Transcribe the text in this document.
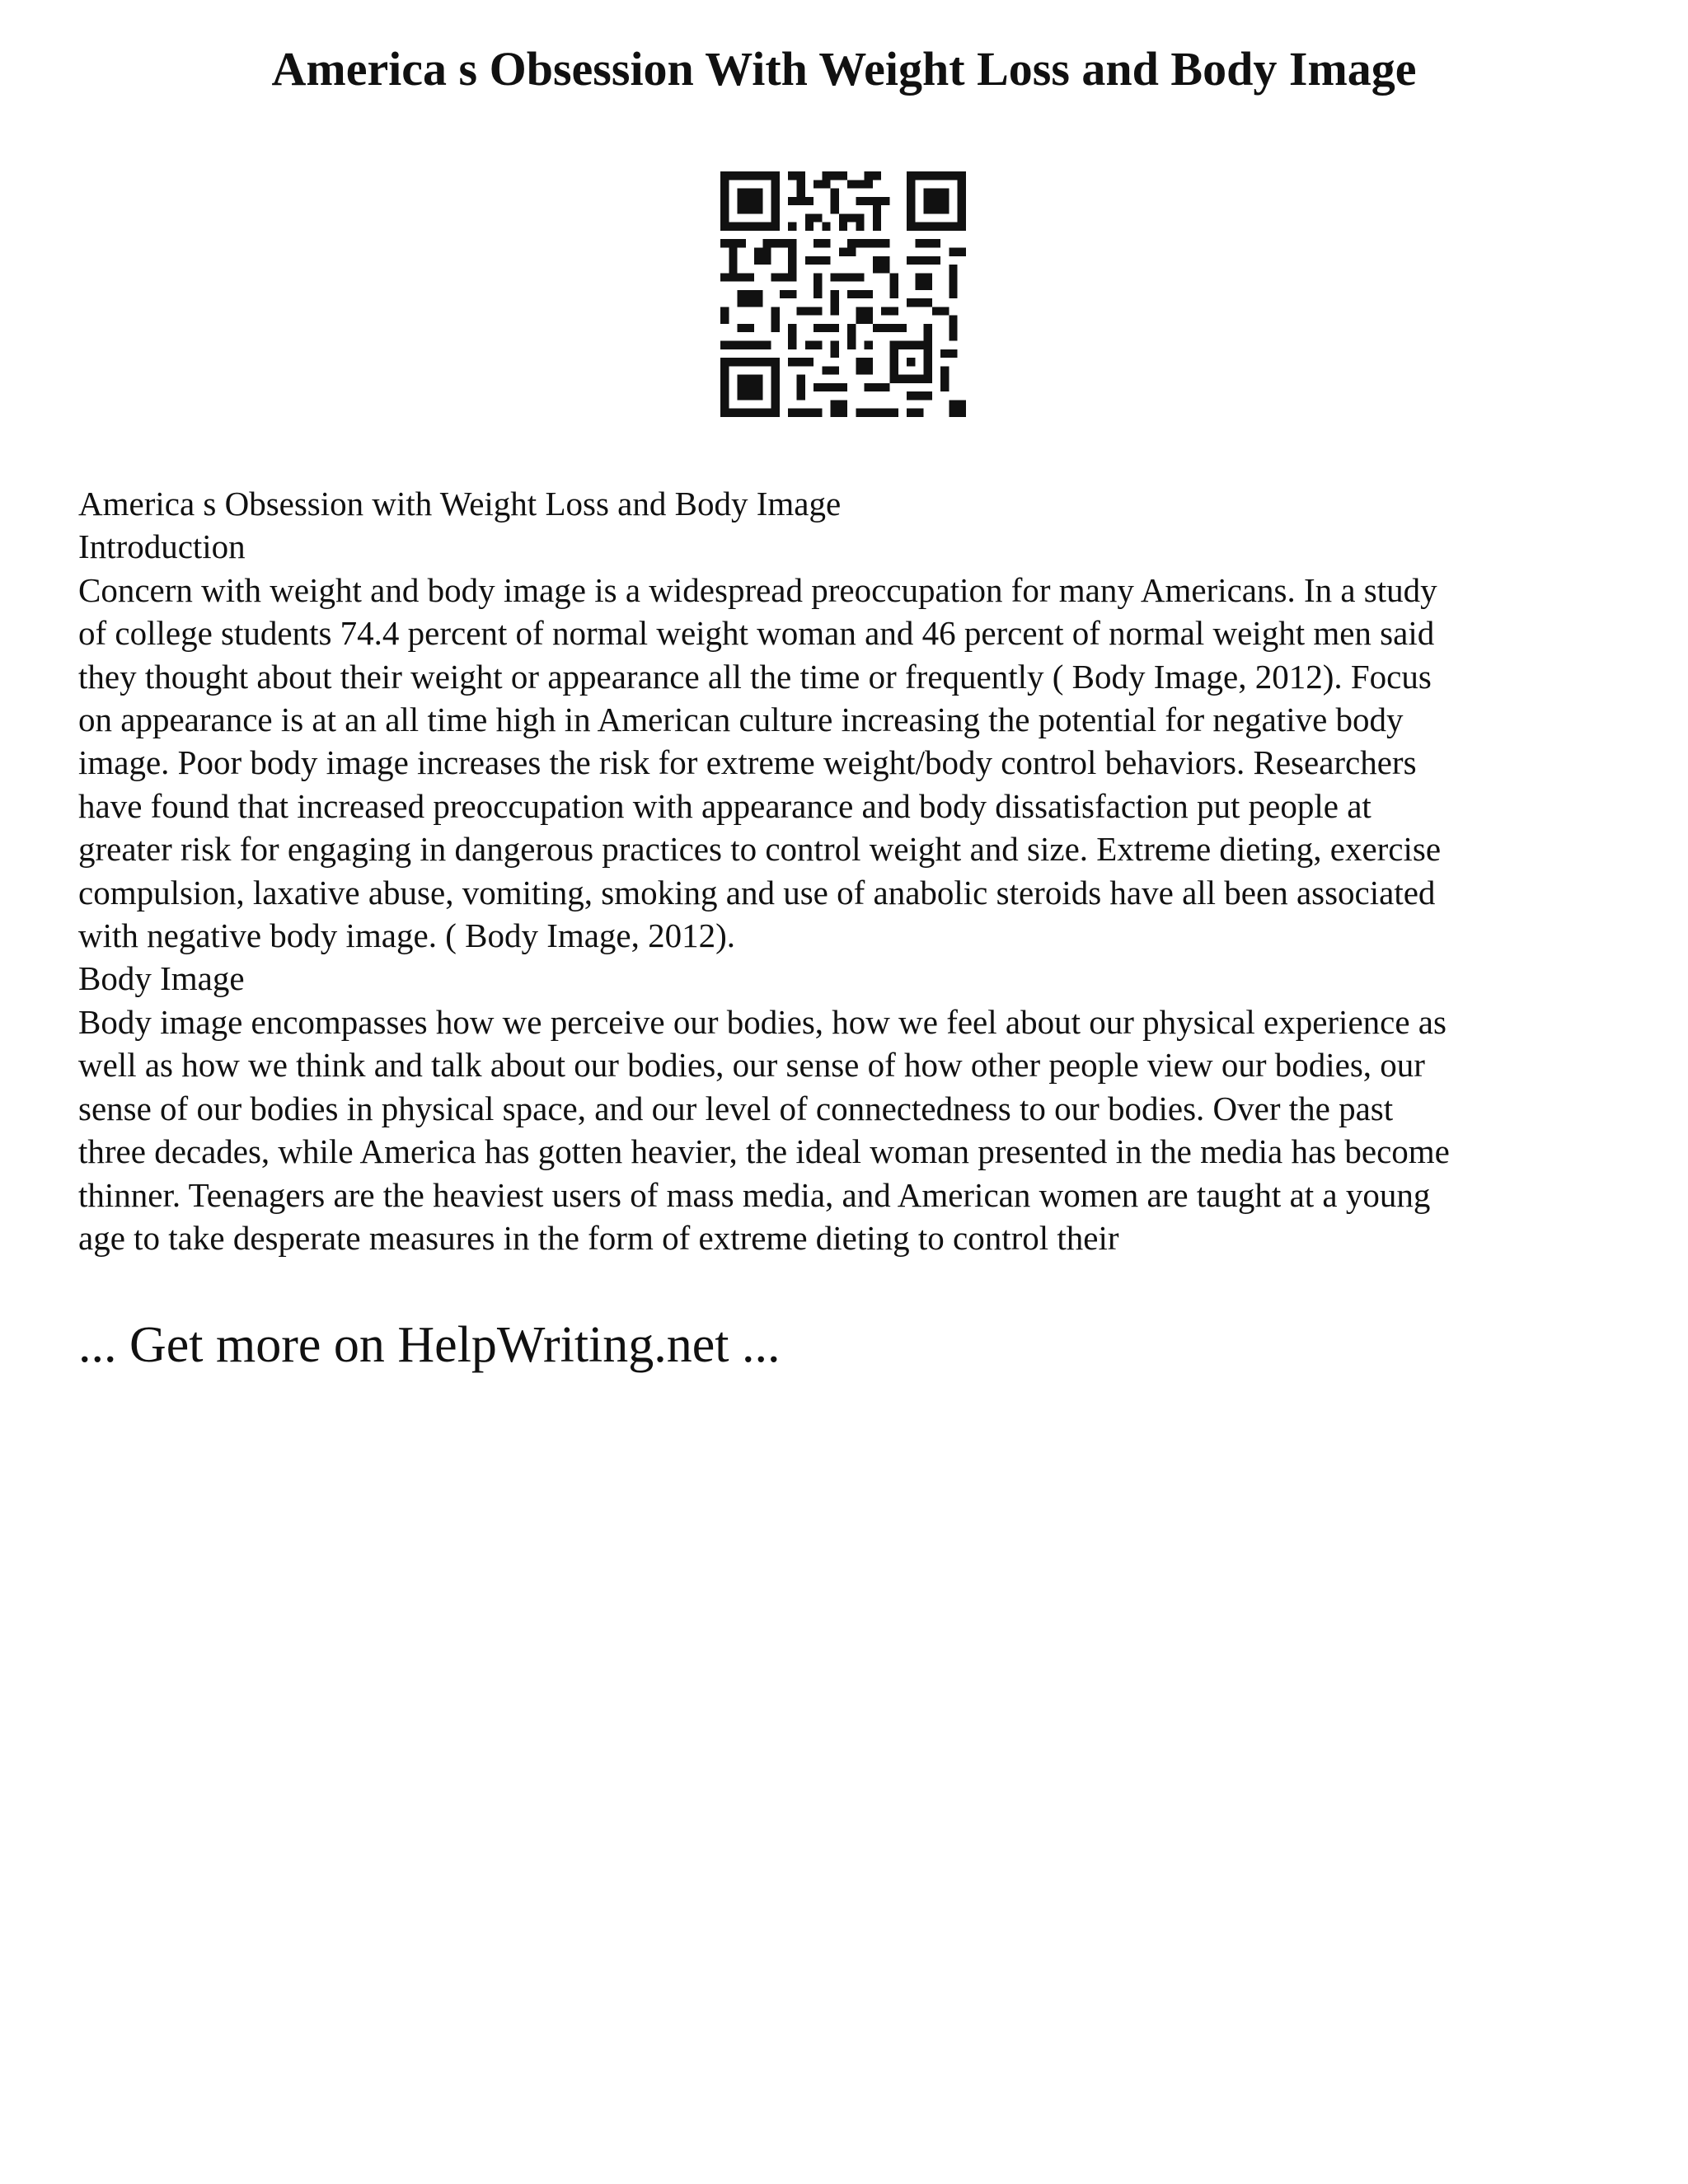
America s Obsession With Weight Loss and Body Image
America s Obsession with Weight Loss and Body Image
Introduction
Concern with weight and body image is a widespread preoccupation for many Americans. In a study
of college students 74.4 percent of normal weight woman and 46 percent of normal weight men said
they thought about their weight or appearance all the time or frequently ( Body Image, 2012). Focus
on appearance is at an all time high in American culture increasing the potential for negative body
image. Poor body image increases the risk for extreme weight/body control behaviors. Researchers
have found that increased preoccupation with appearance and body dissatisfaction put people at
greater risk for engaging in dangerous practices to control weight and size. Extreme dieting, exercise
compulsion, laxative abuse, vomiting, smoking and use of anabolic steroids have all been associated
with negative body image. ( Body Image, 2012).
Body Image
Body image encompasses how we perceive our bodies, how we feel about our physical experience as
well as how we think and talk about our bodies, our sense of how other people view our bodies, our
sense of our bodies in physical space, and our level of connectedness to our bodies. Over the past
three decades, while America has gotten heavier, the ideal woman presented in the media has become
thinner. Teenagers are the heaviest users of mass media, and American women are taught at a young
age to take desperate measures in the form of extreme dieting to control their
... Get more on HelpWriting.net ...
